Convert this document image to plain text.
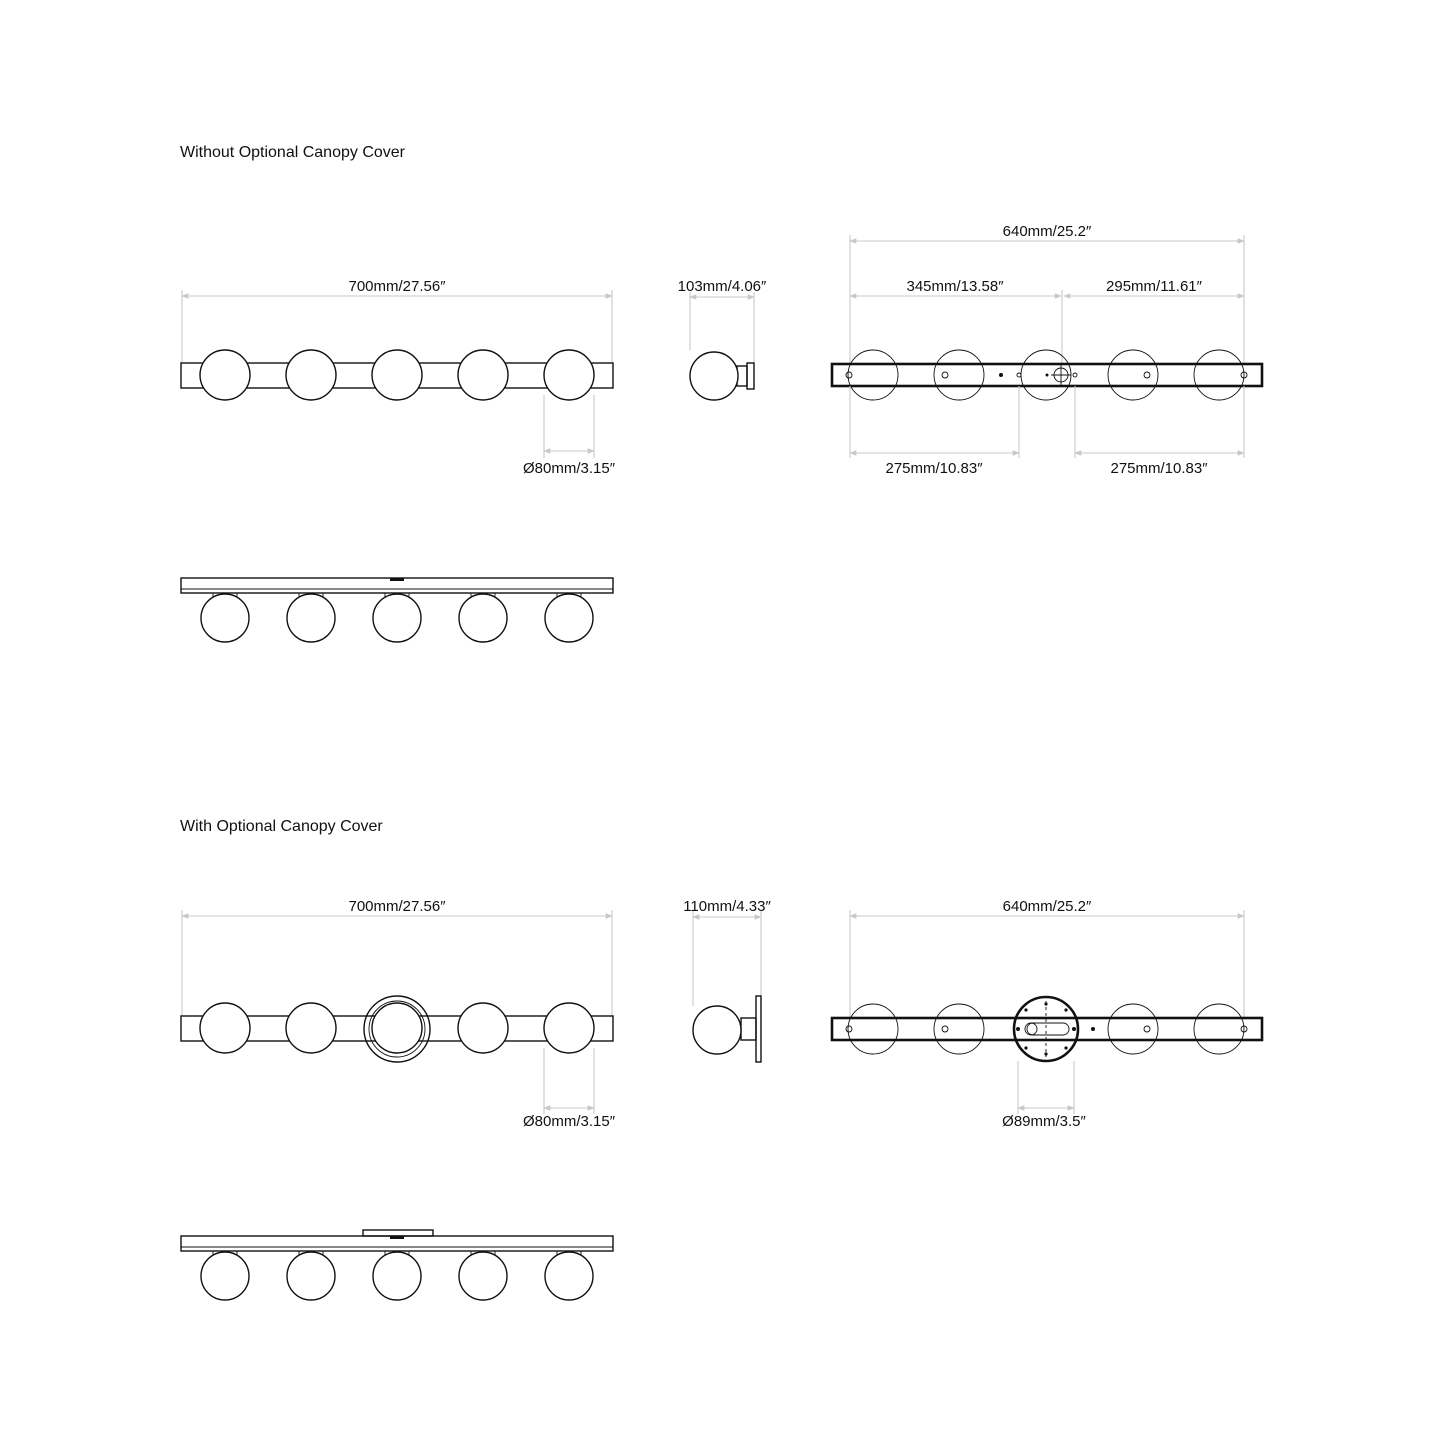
Without Optional Canopy Cover
700mm/27.56″
Ø80mm/3.15″
103mm/4.06″
640mm/25.2″
345mm/13.58″	295mm/11.61″
275mm/10.83″	275mm/10.83″
With Optional Canopy Cover
700mm/27.56″
Ø80mm/3.15″
110mm/4.33″	640mm/25.2″
Ø89mm/3.5″
